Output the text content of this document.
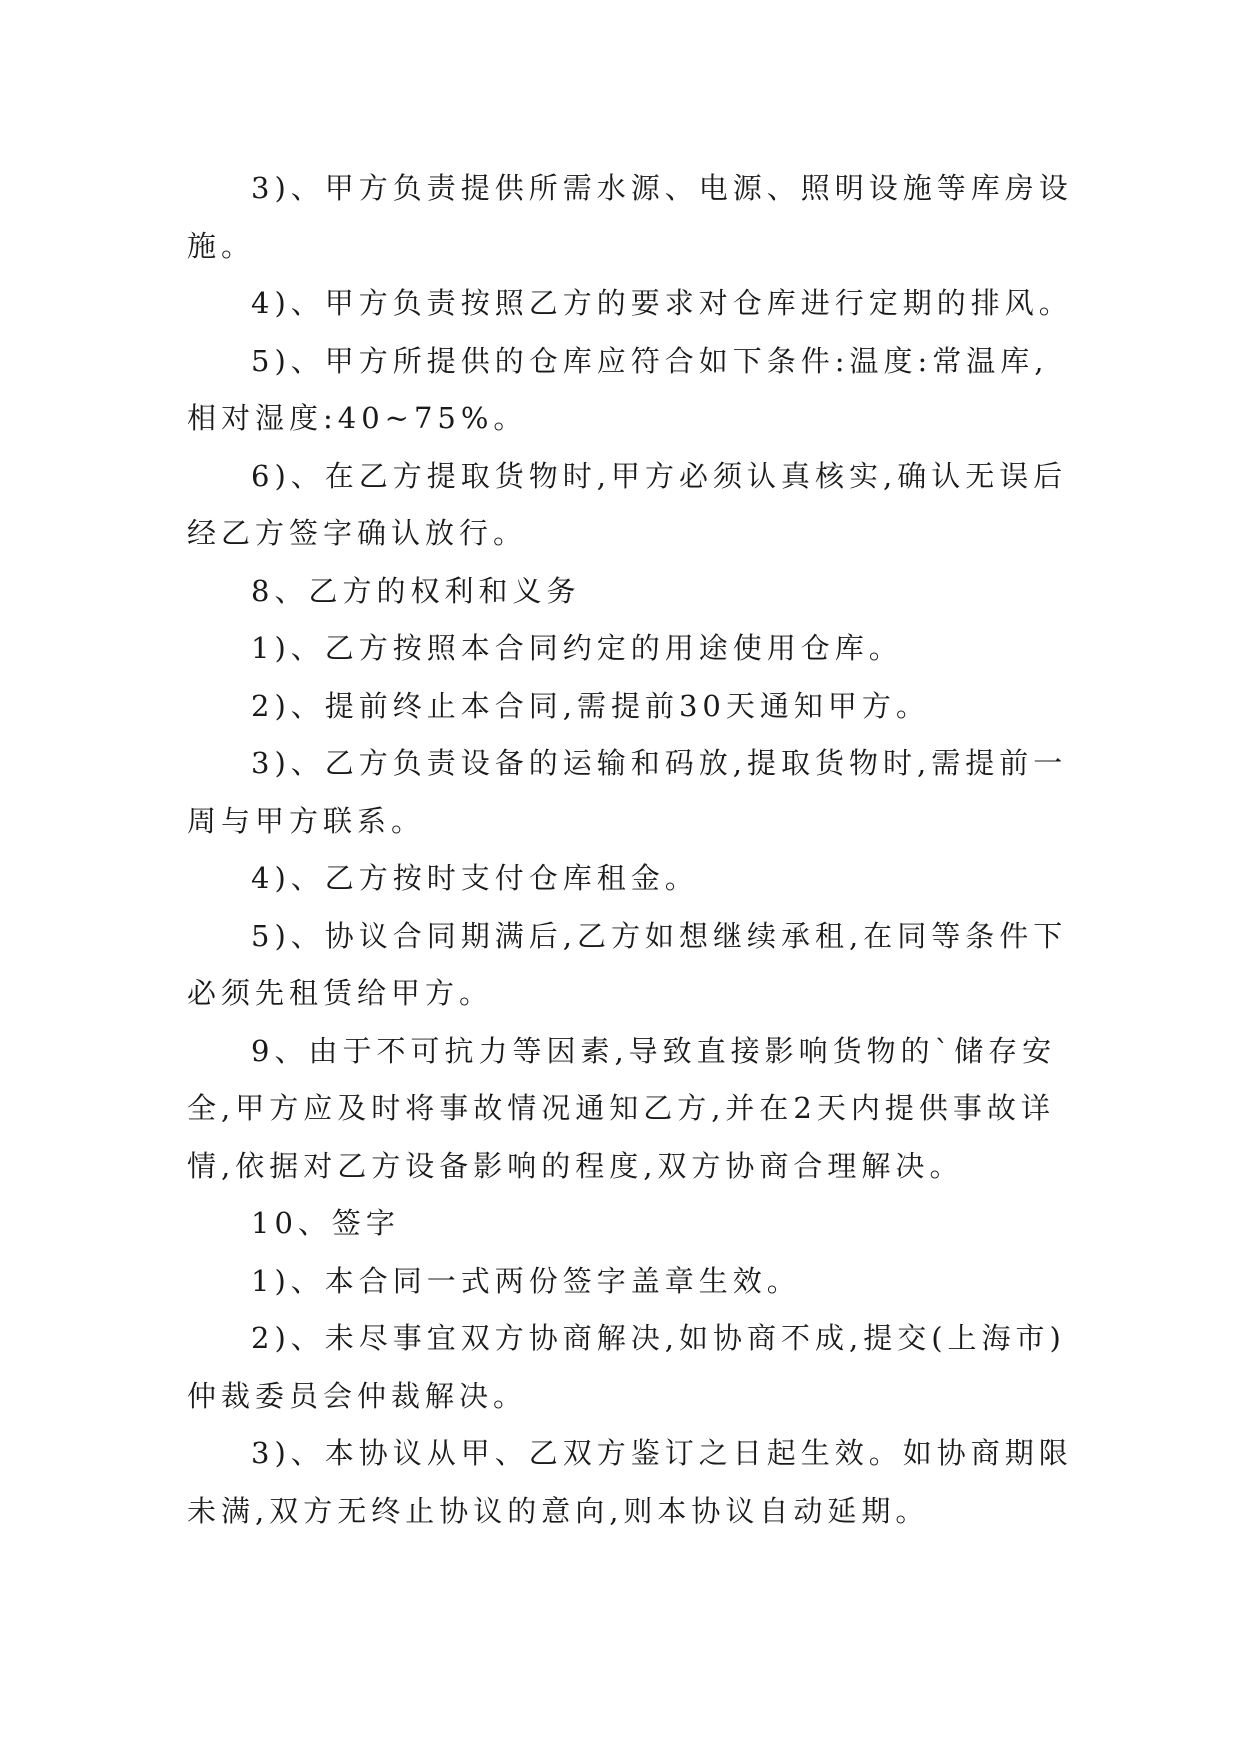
3)、甲方负责提供所需水源、电源、照明设施等库房设施。

4)、甲方负责按照乙方的要求对仓库进行定期的排风。

5)、甲方所提供的仓库应符合如下条件:温度:常温库,相对湿度:40~75%。

6)、在乙方提取货物时,甲方必须认真核实,确认无误后经乙方签字确认放行。

8、乙方的权利和义务

1)、乙方按照本合同约定的用途使用仓库。

2)、提前终止本合同,需提前30天通知甲方。

3)、乙方负责设备的运输和码放,提取货物时,需提前一周与甲方联系。

4)、乙方按时支付仓库租金。

5)、协议合同期满后,乙方如想继续承租,在同等条件下必须先租赁给甲方。

9、由于不可抗力等因素,导致直接影响货物的`储存安全,甲方应及时将事故情况通知乙方,并在2天内提供事故详情,依据对乙方设备影响的程度,双方协商合理解决。

10、签字

1)、本合同一式两份签字盖章生效。

2)、未尽事宜双方协商解决,如协商不成,提交(上海市)仲裁委员会仲裁解决。

3)、本协议从甲、乙双方鉴订之日起生效。如协商期限未满,双方无终止协议的意向,则本协议自动延期。
